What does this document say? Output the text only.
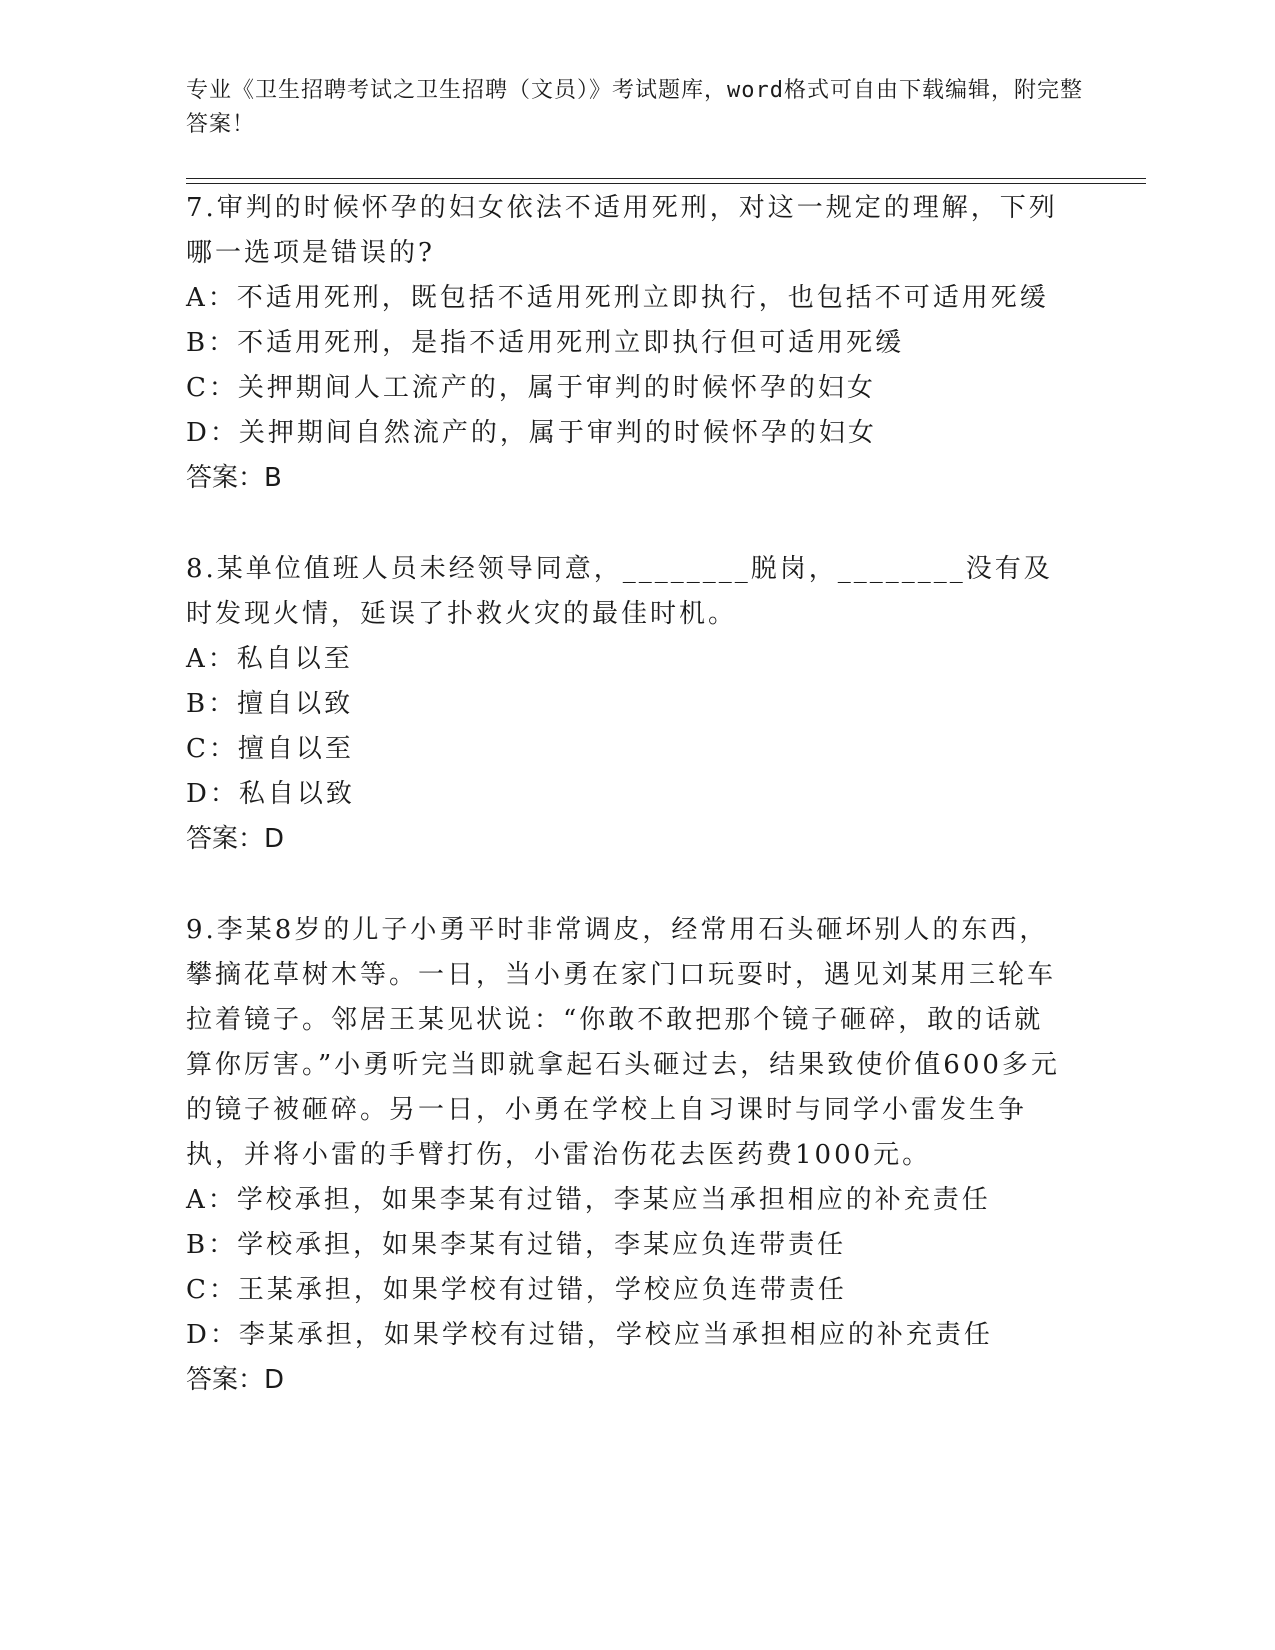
专业《卫生招聘考试之卫生招聘（文员）》考试题库，word格式可自由下载编辑，附完整答案！

7.审判的时候怀孕的妇女依法不适用死刑，对这一规定的理解，下列哪一选项是错误的?

A：不适用死刑，既包括不适用死刑立即执行，也包括不可适用死缓

B：不适用死刑，是指不适用死刑立即执行但可适用死缓

C：关押期间人工流产的，属于审判的时候怀孕的妇女

D：关押期间自然流产的，属于审判的时候怀孕的妇女

答案：B

8.某单位值班人员未经领导同意，________脱岗，________没有及时发现火情，延误了扑救火灾的最佳时机。

A：私自以至

B：擅自以致

C：擅自以至

D：私自以致

答案：D

9.李某8岁的儿子小勇平时非常调皮，经常用石头砸坏别人的东西，攀摘花草树木等。一日，当小勇在家门口玩耍时，遇见刘某用三轮车拉着镜子。邻居王某见状说：“你敢不敢把那个镜子砸碎，敢的话就算你厉害。”小勇听完当即就拿起石头砸过去，结果致使价值600多元的镜子被砸碎。另一日，小勇在学校上自习课时与同学小雷发生争执，并将小雷的手臂打伤，小雷治伤花去医药费1000元。

A：学校承担，如果李某有过错，李某应当承担相应的补充责任

B：学校承担，如果李某有过错，李某应负连带责任

C：王某承担，如果学校有过错，学校应负连带责任

D：李某承担，如果学校有过错，学校应当承担相应的补充责任

答案：D
